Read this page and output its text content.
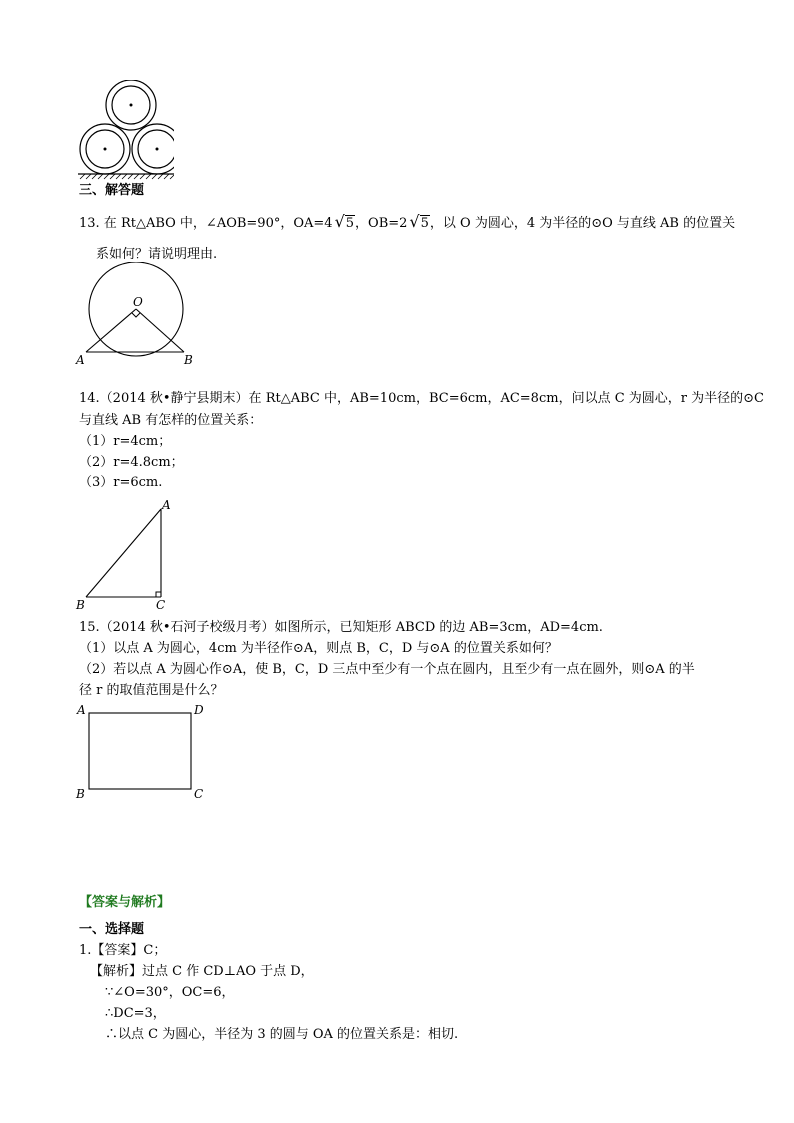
三、解答题
13. 在 Rt△ABO 中，∠AOB=90°，OA=4 √5，OB=2 √5，以 O 为圆心，4 为半径的⊙O 与直线 AB 的位置关
系如何？请说明理由.
O
A	B
14.（2014 秋•静宁县期末）在 Rt△ABC 中，AB=10cm，BC=6cm，AC=8cm，问以点 C 为圆心，r 为半径的⊙C
与直线 AB 有怎样的位置关系：
（1）r=4cm；
（2）r=4.8cm；
（3）r=6cm.
A
B	C
15.（2014 秋•石河子校级月考）如图所示，已知矩形 ABCD 的边 AB=3cm，AD=4cm.
（1）以点 A 为圆心，4cm 为半径作⊙A，则点 B，C，D 与⊙A 的位置关系如何？
（2）若以点 A 为圆心作⊙A，使 B，C，D 三点中至少有一个点在圆内，且至少有一点在圆外，则⊙A 的半
径 r 的取值范围是什么？
A	D
B	C
【答案与解析】
一、选择题
1.【答案】C；
【解析】过点 C 作 CD⊥AO 于点 D，
∵∠O=30°，OC=6，
∴DC=3，
∴以点 C 为圆心，半径为 3 的圆与 OA 的位置关系是：相切.
